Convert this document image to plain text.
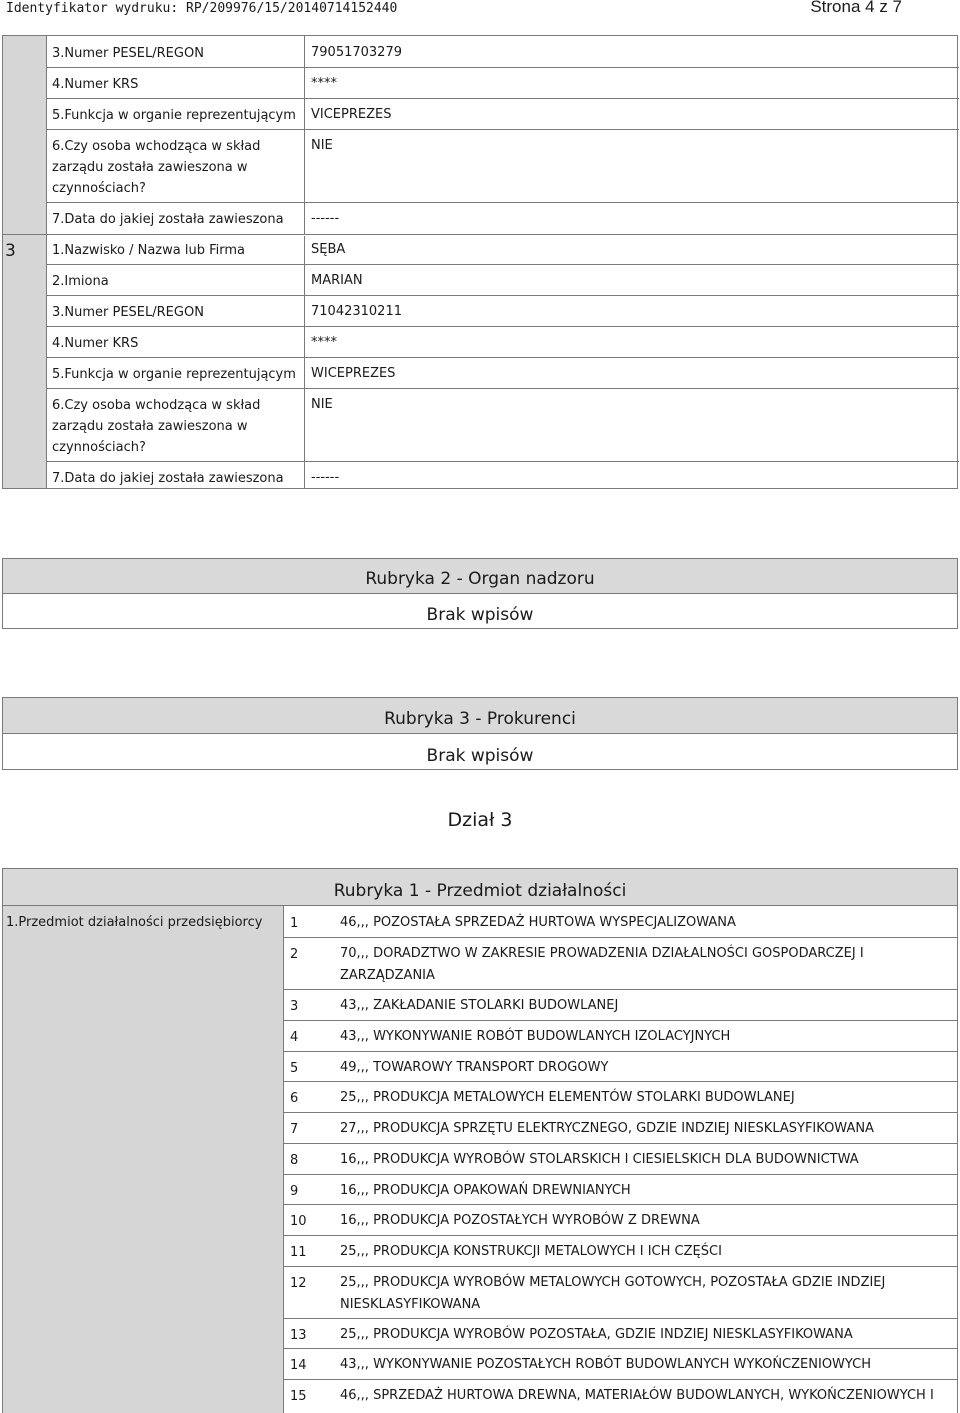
Identyfikator wydruku: RP/209976/15/20140714152440	Strona 4 z 7
3.Numer PESEL/REGON	79051703279
4.Numer KRS	****
5.Funkcja w organie reprezentującym VICEPREZES
6.Czy osoba wchodząca w skład zarządu została zawieszona w czynnościach?
NIE
7.Data do jakiej została zawieszona	------
3	1.Nazwisko / Nazwa lub Firma	SĘBA
2.Imiona	MARIAN
3.Numer PESEL/REGON	71042310211
4.Numer KRS	****
5.Funkcja w organie reprezentującym WICEPREZES
6.Czy osoba wchodząca w skład zarządu została zawieszona w czynnościach?
NIE
7.Data do jakiej została zawieszona	------
Rubryka 2 - Organ nadzoru
Brak wpisów
Rubryka 3 - Prokurenci
Brak wpisów
Dział 3
Rubryka 1 - Przedmiot działalności
1.Przedmiot działalności przedsiębiorcy 1	46,,, POZOSTAŁA SPRZEDAŻ HURTOWA WYSPECJALIZOWANA
2	70,,, DORADZTWO W ZAKRESIE PROWADZENIA DZIAŁALNOŚCI GOSPODARCZEJ I ZARZĄDZANIA
3	43,,, ZAKŁADANIE STOLARKI BUDOWLANEJ
4	43,,, WYKONYWANIE ROBÓT BUDOWLANYCH IZOLACYJNYCH
5	49,,, TOWAROWY TRANSPORT DROGOWY
6	25,,, PRODUKCJA METALOWYCH ELEMENTÓW STOLARKI BUDOWLANEJ
7	27,,, PRODUKCJA SPRZĘTU ELEKTRYCZNEGO, GDZIE INDZIEJ NIESKLASYFIKOWANA
8	16,,, PRODUKCJA WYROBÓW STOLARSKICH I CIESIELSKICH DLA BUDOWNICTWA
9	16,,, PRODUKCJA OPAKOWAŃ DREWNIANYCH
10	16,,, PRODUKCJA POZOSTAŁYCH WYROBÓW Z DREWNA
11	25,,, PRODUKCJA KONSTRUKCJI METALOWYCH I ICH CZĘŚCI
12	25,,, PRODUKCJA WYROBÓW METALOWYCH GOTOWYCH, POZOSTAŁA GDZIE INDZIEJ NIESKLASYFIKOWANA
13	25,,, PRODUKCJA WYROBÓW POZOSTAŁA, GDZIE INDZIEJ NIESKLASYFIKOWANA
14	43,,, WYKONYWANIE POZOSTAŁYCH ROBÓT BUDOWLANYCH WYKOŃCZENIOWYCH
15	46,,, SPRZEDAŻ HURTOWA DREWNA, MATERIAŁÓW BUDOWLANYCH, WYKOŃCZENIOWYCH I
